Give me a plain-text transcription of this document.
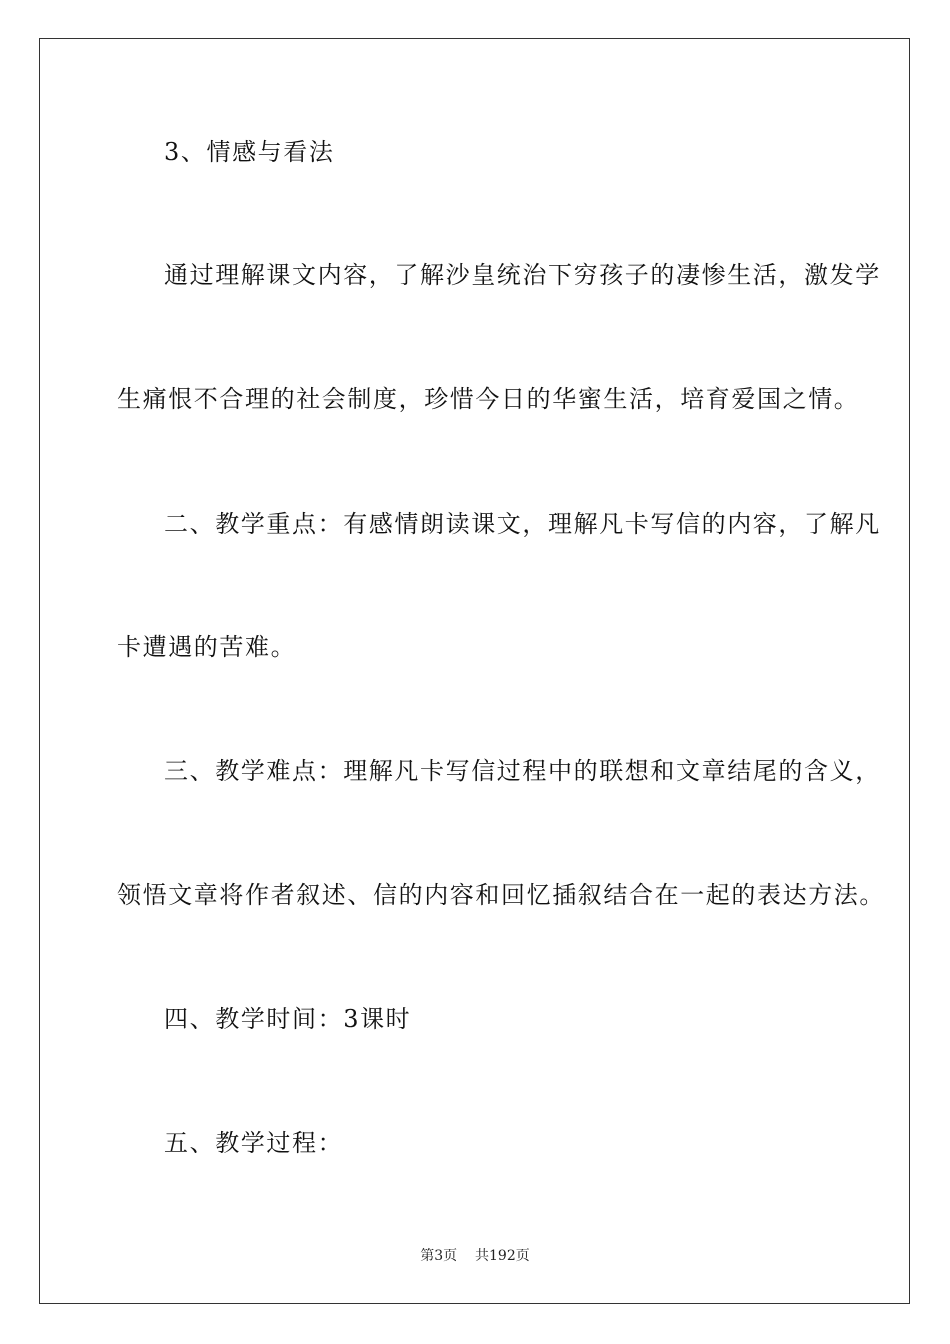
3、情感与看法
通过理解课文内容，了解沙皇统治下穷孩子的凄惨生活，激发学
生痛恨不合理的社会制度，珍惜今日的华蜜生活，培育爱国之情。
二、教学重点：有感情朗读课文，理解凡卡写信的内容，了解凡
卡遭遇的苦难。
三、教学难点：理解凡卡写信过程中的联想和文章结尾的含义，
领悟文章将作者叙述、信的内容和回忆插叙结合在一起的表达方法。
四、教学时间：3课时
五、教学过程：
第3页 共192页
